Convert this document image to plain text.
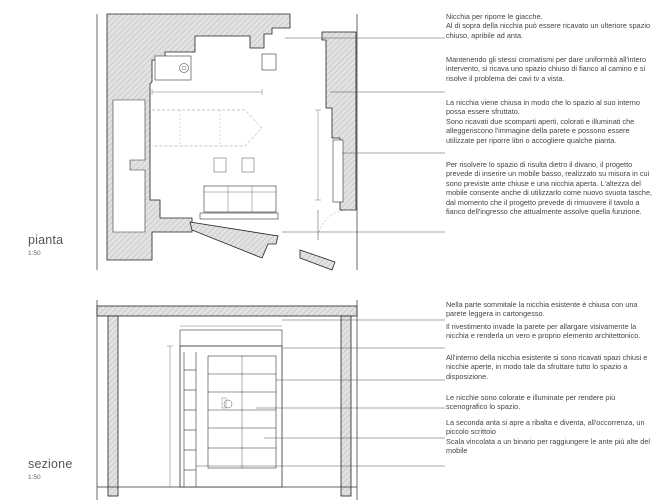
pianta
1:50
sezione
1:50

Nicchia per riporre le giacche.
Al di sopra della nicchia può essere ricavato un ulteriore spazio chiuso, apribile ad anta.

Mantenendo gli stessi cromatismi per dare uniformità all'intero intervento, si ricava uno spazio chiuso di fianco al camino e si risolve il problema dei cavi tv a vista.

La nicchia viene chiusa in modo che lo spazio al suo interno possa essere sfruttato.
Sono ricavati due scomparti aperti, colorati e illuminati che alleggeriscono l'immagine della parete e possono essere utilizzate per riporre libri o accogliere qualche pianta.

Per risolvere lo spazio di risulta dietro il divano, il progetto prevede di inserire un mobile basso, realizzato su misura in cui sono previste ante chiuse e una nicchia aperta. L'altezza del mobile consente anche di utilizzarlo come nuovo svuota tasche, dal momento che il progetto prevede di rimuovere il tavolo a fianco dell'ingresso che attualmente assolve quella funzione.

Nella parte sommitale la nicchia esistente è chiusa con una parete leggera in cartongesso.

Il rivestimento invade la parete per allargare visivamente la nicchia e renderla un vero e proprio elemento architettonico.

All'interno della nicchia esistente si sono ricavati spazi chiusi e nicchie aperte, in modo tale da sfruttare tutto lo spazio a disposizione.

Le nicchie sono colorate e illuminate per rendere più scenografico lo spazio.

La seconda anta si apre a ribalta e diventa, all'occorrenza, un piccolo scrittoio

Scala vincolata a un binario per raggiungere le ante più alte del mobile
